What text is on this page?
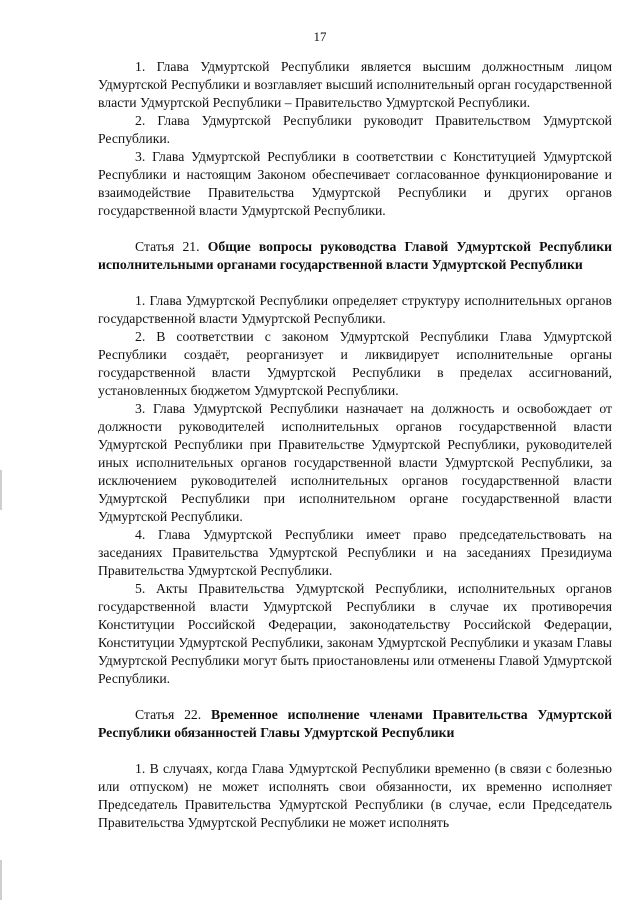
17

1. Глава Удмуртской Республики является высшим должностным лицом Удмуртской Республики и возглавляет высший исполнительный орган государственной власти Удмуртской Республики – Правительство Удмуртской Республики.

2. Глава Удмуртской Республики руководит Правительством Удмуртской Республики.

3. Глава Удмуртской Республики в соответствии с Конституцией Удмуртской Республики и настоящим Законом обеспечивает согласованное функционирование и взаимодействие Правительства Удмуртской Республики и других органов государственной власти Удмуртской Республики.

Статья 21. Общие вопросы руководства Главой Удмуртской Республики исполнительными органами государственной власти Удмуртской Республики

1. Глава Удмуртской Республики определяет структуру исполнительных органов государственной власти Удмуртской Республики.

2. В соответствии с законом Удмуртской Республики Глава Удмуртской Республики создаёт, реорганизует и ликвидирует исполнительные органы государственной власти Удмуртской Республики в пределах ассигнований, установленных бюджетом Удмуртской Республики.

3. Глава Удмуртской Республики назначает на должность и освобождает от должности руководителей исполнительных органов государственной власти Удмуртской Республики при Правительстве Удмуртской Республики, руководителей иных исполнительных органов государственной власти Удмуртской Республики, за исключением руководителей исполнительных органов государственной власти Удмуртской Республики при исполнительном органе государственной власти Удмуртской Республики.

4. Глава Удмуртской Республики имеет право председательствовать на заседаниях Правительства Удмуртской Республики и на заседаниях Президиума Правительства Удмуртской Республики.

5. Акты Правительства Удмуртской Республики, исполнительных органов государственной власти Удмуртской Республики в случае их противоречия Конституции Российской Федерации, законодательству Российской Федерации, Конституции Удмуртской Республики, законам Удмуртской Республики и указам Главы Удмуртской Республики могут быть приостановлены или отменены Главой Удмуртской Республики.

Статья 22. Временное исполнение членами Правительства Удмуртской Республики обязанностей Главы Удмуртской Республики

1. В случаях, когда Глава Удмуртской Республики временно (в связи с болезнью или отпуском) не может исполнять свои обязанности, их временно исполняет Председатель Правительства Удмуртской Республики (в случае, если Председатель Правительства Удмуртской Республики не может исполнять
